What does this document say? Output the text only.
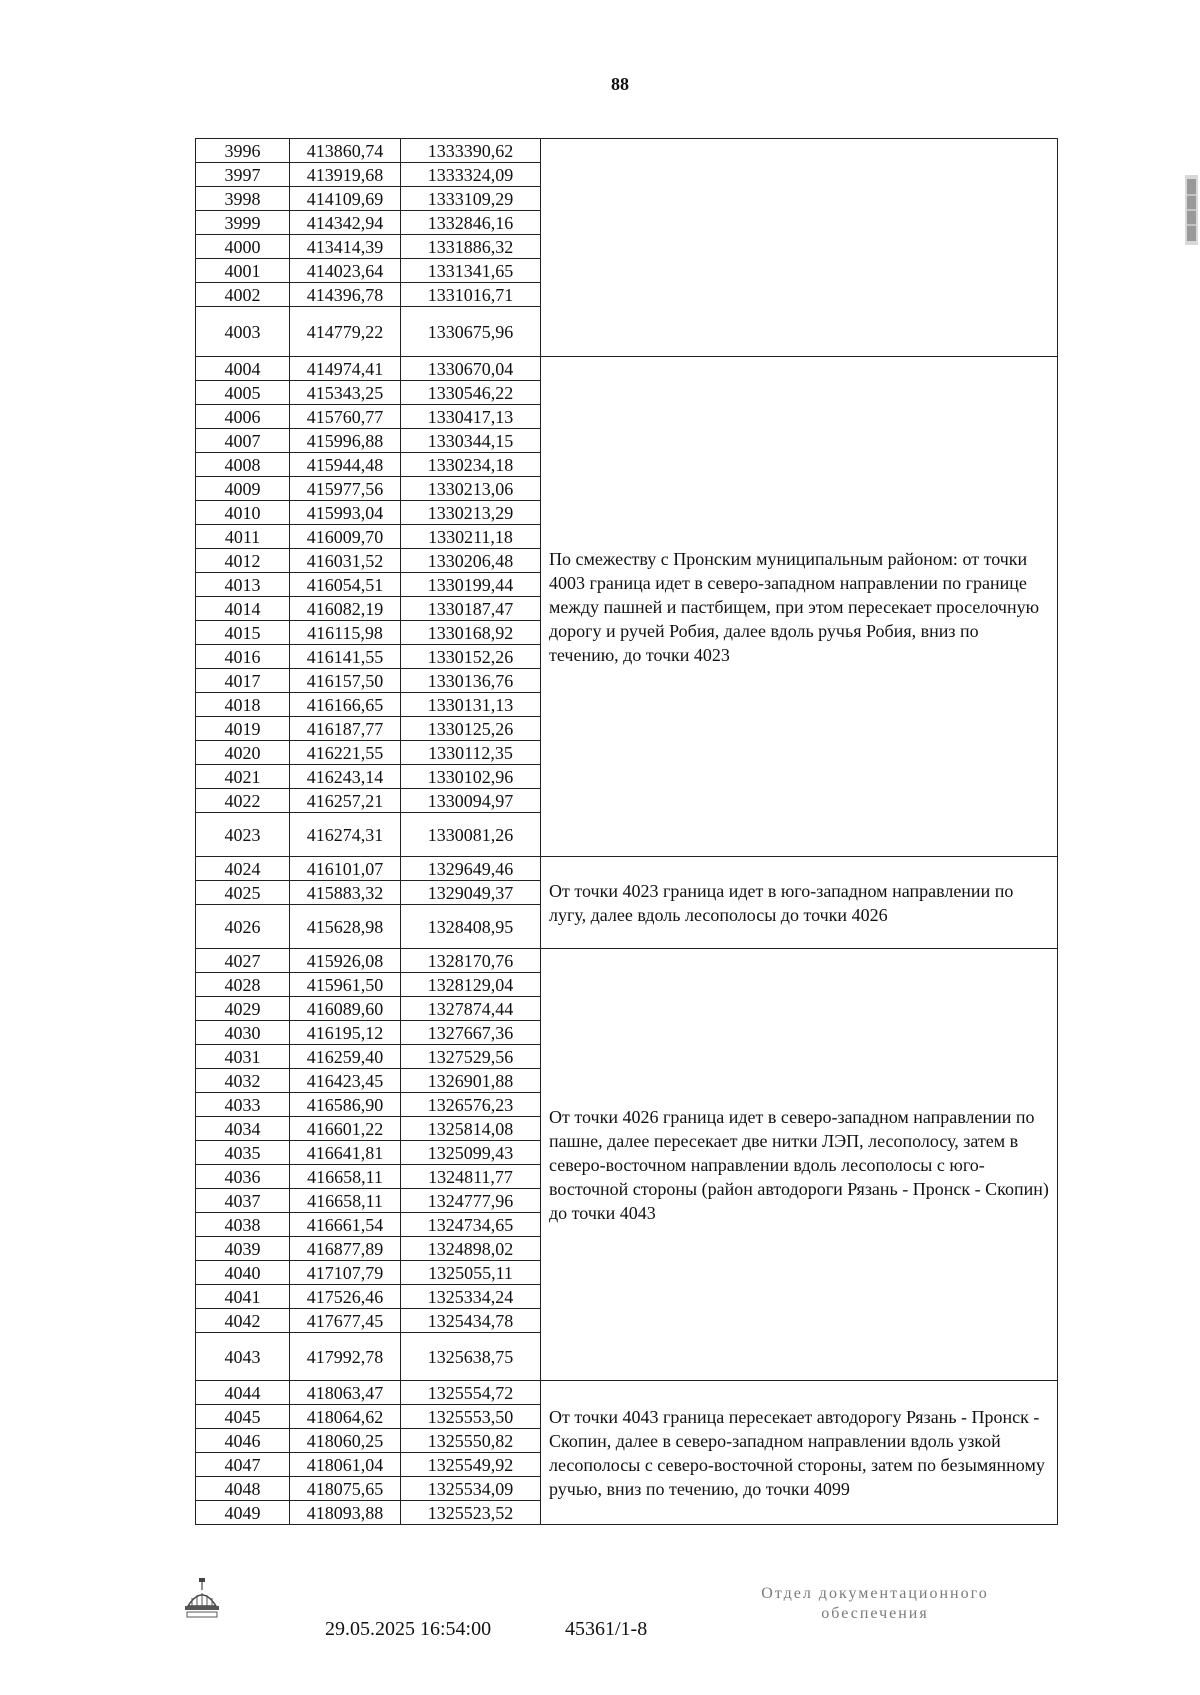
88
3996	413860,74	1333390,62	
3997	413919,68	1333324,09	
3998	414109,69	1333109,29	
3999	414342,94	1332846,16	
4000	413414,39	1331886,32	
4001	414023,64	1331341,65	
4002	414396,78	1331016,71	
4003	414779,22	1330675,96	
4004	414974,41	1330670,04	По смежеству с Пронским муниципальным районом: от точки 4003 граница идет в северо-западном направлении по границе между пашней и пастбищем, при этом пересекает проселочную дорогу и ручей Робия, далее вдоль ручья Робия, вниз по течению, до точки 4023
4005	415343,25	1330546,22	
4006	415760,77	1330417,13	
4007	415996,88	1330344,15	
4008	415944,48	1330234,18	
4009	415977,56	1330213,06	
4010	415993,04	1330213,29	
4011	416009,70	1330211,18	
4012	416031,52	1330206,48	
4013	416054,51	1330199,44	
4014	416082,19	1330187,47	
4015	416115,98	1330168,92	
4016	416141,55	1330152,26	
4017	416157,50	1330136,76	
4018	416166,65	1330131,13	
4019	416187,77	1330125,26	
4020	416221,55	1330112,35	
4021	416243,14	1330102,96	
4022	416257,21	1330094,97	
4023	416274,31	1330081,26	
4024	416101,07	1329649,46	От точки 4023 граница идет в юго-западном направлении по лугу, далее вдоль лесополосы до точки 4026
4025	415883,32	1329049,37	
4026	415628,98	1328408,95	
4027	415926,08	1328170,76	От точки 4026 граница идет в северо-западном направлении по пашне, далее пересекает две нитки ЛЭП, лесополосу, затем в северо-восточном направлении вдоль лесополосы с юго-восточной стороны (район автодороги Рязань - Пронск - Скопин) до точки 4043
4028	415961,50	1328129,04	
4029	416089,60	1327874,44	
4030	416195,12	1327667,36	
4031	416259,40	1327529,56	
4032	416423,45	1326901,88	
4033	416586,90	1326576,23	
4034	416601,22	1325814,08	
4035	416641,81	1325099,43	
4036	416658,11	1324811,77	
4037	416658,11	1324777,96	
4038	416661,54	1324734,65	
4039	416877,89	1324898,02	
4040	417107,79	1325055,11	
4041	417526,46	1325334,24	
4042	417677,45	1325434,78	
4043	417992,78	1325638,75	
4044	418063,47	1325554,72	От точки 4043 граница пересекает автодорогу Рязань - Пронск - Скопин, далее в северо-западном направлении вдоль узкой лесополосы с северо-восточной стороны, затем по безымянному ручью, вниз по течению, до точки 4099
4045	418064,62	1325553,50	
4046	418060,25	1325550,82	
4047	418061,04	1325549,92	
4048	418075,65	1325534,09	
4049	418093,88	1325523,52	
29.05.2025 16:54:00	45361/1-8
Отдел документационного
обеспечения
